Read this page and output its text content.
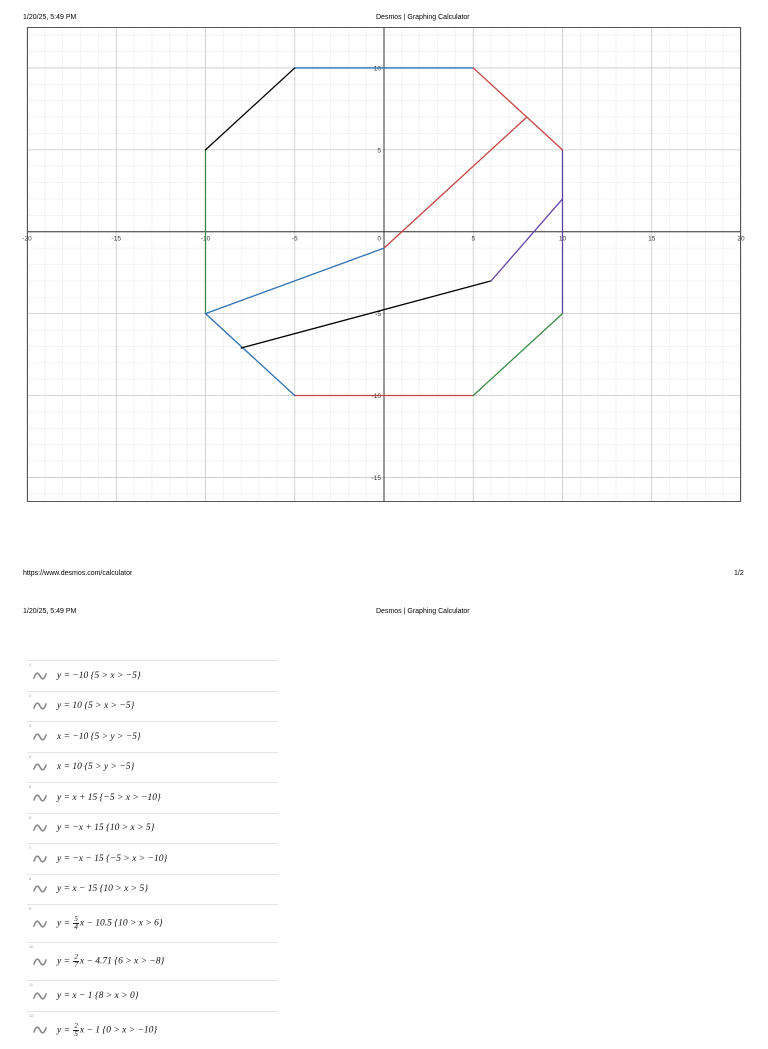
1/20/25, 5:49 PM	Desmos | Graphing Calculator
-20	-15	-10	-5	0	5	10	15	20
10
5
-5
-10
-15
https://www.desmos.com/calculator	1/2
1/20/25, 5:49 PM	Desmos | Graphing Calculator
1
y = −10 {5 > x > −5}
2
y = 10 {5 > x > −5}
3
x = −10 {5 > y > −5}
4
x = 10 {5 > y > −5}
5
y = x + 15 {−5 > x > −10}
6
y = −x + 15 {10 > x > 5}
7
y = −x − 15 {−5 > x > −10}
8
y = x − 15 {10 > x > 5}
9
$y = \frac{5}{4}$ x − 10.5 {10 > x > 6}
10
$y = \frac{2}{7}$ x − 4.71 {6 > x > −8}
11
y = x − 1 {8 > x > 0}
12
$y = \frac{2}{5}$ x − 1 {0 > x > −10}
